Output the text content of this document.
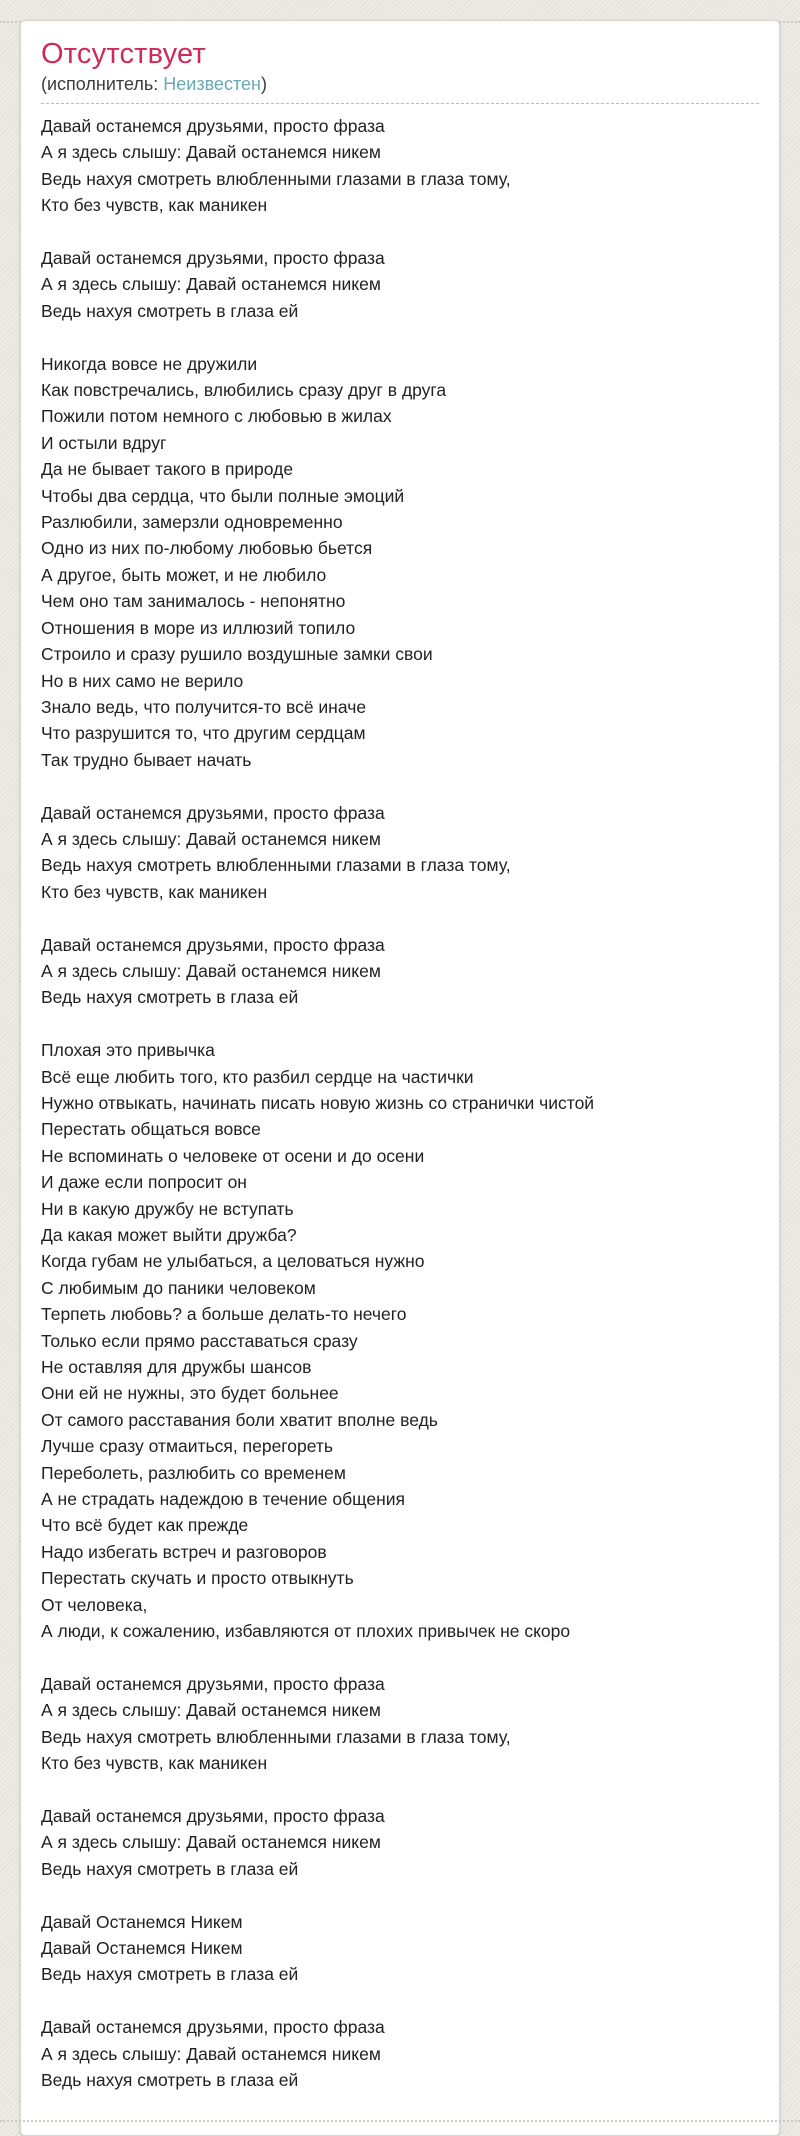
Отсутствует
(исполнитель: Неизвестен)
Давай останемся друзьями, просто фраза
А я здесь слышу: Давай останемся никем
Ведь нахуя смотреть влюбленными глазами в глаза тому,
Кто без чувств, как маникен
Давай останемся друзьями, просто фраза
А я здесь слышу: Давай останемся никем
Ведь нахуя смотреть в глаза ей
Никогда вовсе не дружили
Как повстречались, влюбились сразу друг в друга
Пожили потом немного с любовью в жилах
И остыли вдруг
Да не бывает такого в природе
Чтобы два сердца, что были полные эмоций
Разлюбили, замерзли одновременно
Одно из них по-любому любовью бьется
А другое, быть может, и не любило
Чем оно там занималось - непонятно
Отношения в море из иллюзий топило
Строило и сразу рушило воздушные замки свои
Но в них само не верило
Знало ведь, что получится-то всё иначе
Что разрушится то, что другим сердцам
Так трудно бывает начать
Давай останемся друзьями, просто фраза
А я здесь слышу: Давай останемся никем
Ведь нахуя смотреть влюбленными глазами в глаза тому,
Кто без чувств, как маникен
Давай останемся друзьями, просто фраза
А я здесь слышу: Давай останемся никем
Ведь нахуя смотреть в глаза ей
Плохая это привычка
Всё еще любить того, кто разбил сердце на частички
Нужно отвыкать, начинать писать новую жизнь со странички чистой
Перестать общаться вовсе
Не вспоминать о человеке от осени и до осени
И даже если попросит он
Ни в какую дружбу не вступать
Да какая может выйти дружба?
Когда губам не улыбаться, а целоваться нужно
С любимым до паники человеком
Терпеть любовь? а больше делать-то нечего
Только если прямо расставаться сразу
Не оставляя для дружбы шансов
Они ей не нужны, это будет больнее
От самого расставания боли хватит вполне ведь
Лучше сразу отмаиться, перегореть
Переболеть, разлюбить со временем
А не страдать надеждою в течение общения
Что всё будет как прежде
Надо избегать встреч и разговоров
Перестать скучать и просто отвыкнуть
От человека,
А люди, к сожалению, избавляются от плохих привычек не скоро
Давай останемся друзьями, просто фраза
А я здесь слышу: Давай останемся никем
Ведь нахуя смотреть влюбленными глазами в глаза тому,
Кто без чувств, как маникен
Давай останемся друзьями, просто фраза
А я здесь слышу: Давай останемся никем
Ведь нахуя смотреть в глаза ей
Давай Останемся Никем
Давай Останемся Никем
Ведь нахуя смотреть в глаза ей
Давай останемся друзьями, просто фраза
А я здесь слышу: Давай останемся никем
Ведь нахуя смотреть в глаза ей
